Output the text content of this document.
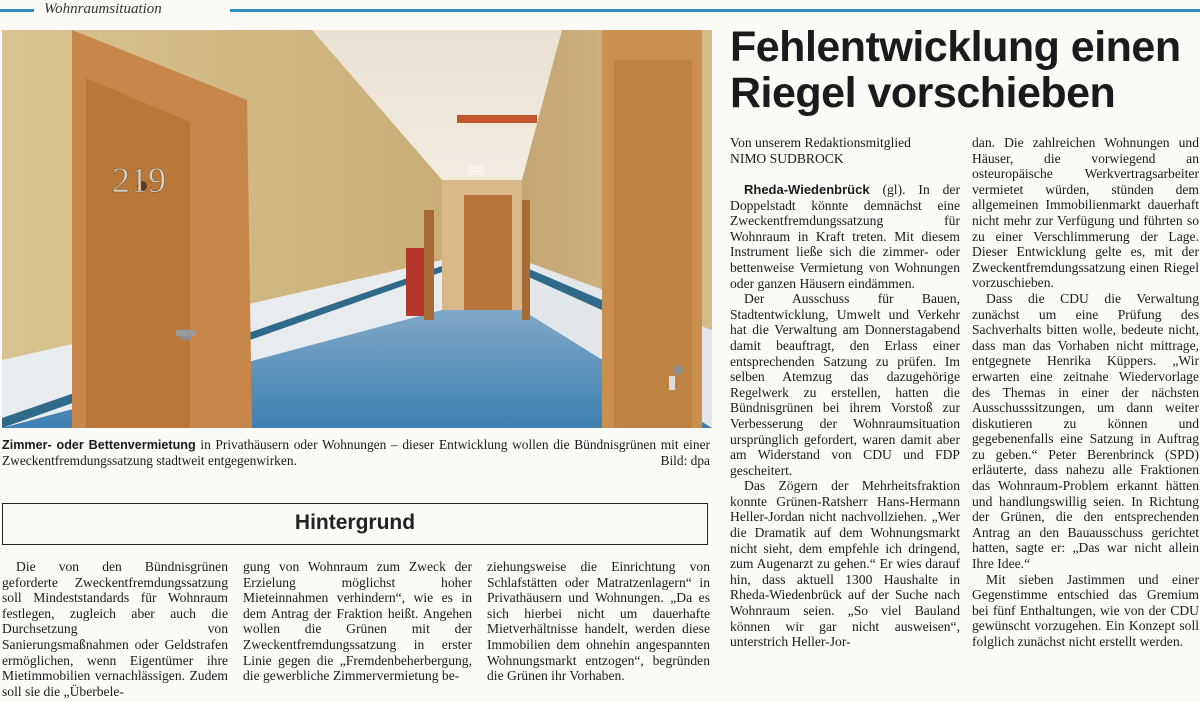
Wohnraumsituation
219
Zimmer- oder Bettenvermietung in Privathäusern oder Wohnungen – dieser Entwicklung wollen die Bündnisgrünen mit einer Zweckentfremdungssatzung stadtweit entgegenwirken.	Bild: dpa
Hintergrund

Die von den Bündnisgrünen geforderte Zweckentfremdungssatzung soll Mindeststandards für Wohnraum festlegen, zugleich aber auch die Durchsetzung von Sanierungsmaßnahmen oder Geldstrafen ermöglichen, wenn Eigentümer ihre Mietimmobilien vernachlässigen. Zudem soll sie die „Überbele-

gung von Wohnraum zum Zweck der Erzielung möglichst hoher Mieteinnahmen verhindern“, wie es in dem Antrag der Fraktion heißt. Angehen wollen die Grünen mit der Zweckentfremdungssatzung in erster Linie gegen die „Fremdenbeherbergung, die gewerbliche Zimmervermietung be-

ziehungsweise die Einrichtung von Schlafstätten oder Matratzenlagern“ in Privathäusern und Wohnungen. „Da es sich hierbei nicht um dauerhafte Mietverhältnisse handelt, werden diese Immobilien dem ohnehin angespannten Wohnungsmarkt entzogen“, begründen die Grünen ihr Vorhaben.

Fehlentwicklung einen
Riegel vorschieben
Von unserem Redaktionsmitglied
NIMO SUDBROCK

Rheda-Wiedenbrück (gl). In der Doppelstadt könnte demnächst eine Zweckentfremdungssatzung für Wohnraum in Kraft treten. Mit diesem Instrument ließe sich die zimmer- oder bettenweise Vermietung von Wohnungen oder ganzen Häusern eindämmen.

Der Ausschuss für Bauen, Stadtentwicklung, Umwelt und Verkehr hat die Verwaltung am Donnerstagabend damit beauftragt, den Erlass einer entsprechenden Satzung zu prüfen. Im selben Atemzug das dazugehörige Regelwerk zu erstellen, hatten die Bündnisgrünen bei ihrem Vorstoß zur Verbesserung der Wohnraumsituation ursprünglich gefordert, waren damit aber am Widerstand von CDU und FDP gescheitert.

Das Zögern der Mehrheitsfraktion konnte Grünen-Ratsherr Hans-Hermann Heller-Jordan nicht nachvollziehen. „Wer die Dramatik auf dem Wohnungsmarkt nicht sieht, dem empfehle ich dringend, zum Augenarzt zu gehen.“ Er wies darauf hin, dass aktuell 1300 Haushalte in Rheda-Wiedenbrück auf der Suche nach Wohnraum seien. „So viel Bauland können wir gar nicht ausweisen“, unterstrich Heller-Jor-

dan. Die zahlreichen Wohnungen und Häuser, die vorwiegend an osteuropäische Werkvertragsarbeiter vermietet würden, stünden dem allgemeinen Immobilienmarkt dauerhaft nicht mehr zur Verfügung und führten so zu einer Verschlimmerung der Lage. Dieser Entwicklung gelte es, mit der Zweckentfremdungssatzung einen Riegel vorzuschieben.

Dass die CDU die Verwaltung zunächst um eine Prüfung des Sachverhalts bitten wolle, bedeute nicht, dass man das Vorhaben nicht mittrage, entgegnete Henrika Küppers. „Wir erwarten eine zeitnahe Wiedervorlage des Themas in einer der nächsten Ausschusssitzungen, um dann weiter diskutieren zu können und gegebenenfalls eine Satzung in Auftrag zu geben.“ Peter Berenbrinck (SPD) erläuterte, dass nahezu alle Fraktionen das Wohnraum-Problem erkannt hätten und handlungswillig seien. In Richtung der Grünen, die den entsprechenden Antrag an den Bauausschuss gerichtet hatten, sagte er: „Das war nicht allein Ihre Idee.“

Mit sieben Jastimmen und einer Gegenstimme entschied das Gremium bei fünf Enthaltungen, wie von der CDU gewünscht vorzugehen. Ein Konzept soll folglich zunächst nicht erstellt werden.
